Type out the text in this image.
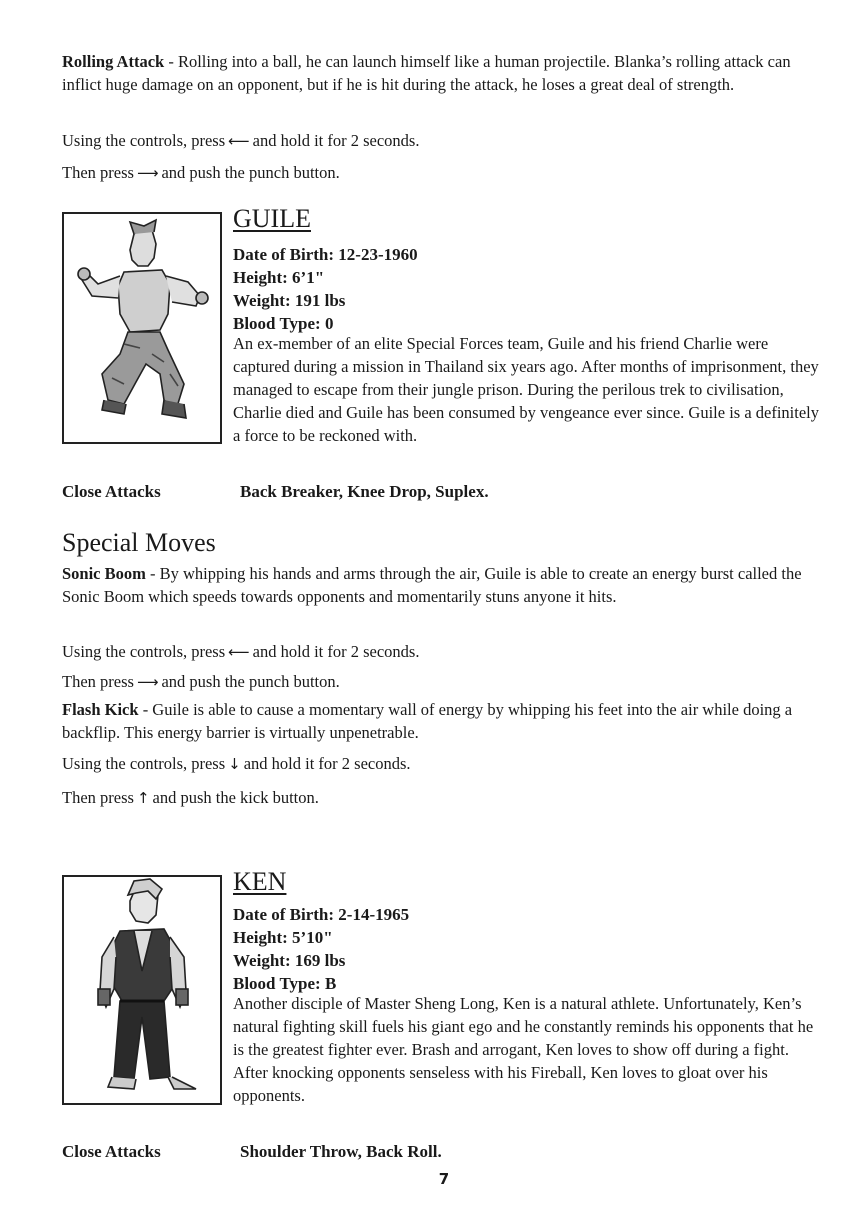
Rolling Attack - Rolling into a ball, he can launch himself like a human projectile. Blanka’s rolling attack can inflict huge damage on an opponent, but if he is hit during the attack, he loses a great deal of strength.
Using the controls, press ⟵ and hold it for 2 seconds.
Then press ⟶ and push the punch button.
GUILE
Date of Birth: 12-23-1960
Height: 6’1"
Weight: 191 lbs
Blood Type: 0
An ex-member of an elite Special Forces team, Guile and his friend Charlie were captured during a mission in Thailand six years ago. After months of imprisonment, they managed to escape from their jungle prison. During the perilous trek to civilisation, Charlie died and Guile has been consumed by vengeance ever since. Guile is a definitely a force to be reckoned with.
Close Attacks	Back Breaker, Knee Drop, Suplex.
Special Moves
Sonic Boom - By whipping his hands and arms through the air, Guile is able to create an energy burst called the Sonic Boom which speeds towards opponents and momentarily stuns anyone it hits.
Using the controls, press ⟵ and hold it for 2 seconds.
Then press ⟶ and push the punch button.
Flash Kick - Guile is able to cause a momentary wall of energy by whipping his feet into the air while doing a backflip. This energy barrier is virtually unpenetrable.
Using the controls, press ↓ and hold it for 2 seconds.
Then press ↑ and push the kick button.
KEN
Date of Birth: 2-14-1965
Height: 5’10"
Weight: 169 lbs
Blood Type: B
Another disciple of Master Sheng Long, Ken is a natural athlete. Unfortunately, Ken’s natural fighting skill fuels his giant ego and he constantly reminds his opponents that he is the greatest fighter ever. Brash and arrogant, Ken loves to show off during a fight. After knocking opponents senseless with his Fireball, Ken loves to gloat over his opponents.
Close Attacks	Shoulder Throw, Back Roll.
7
